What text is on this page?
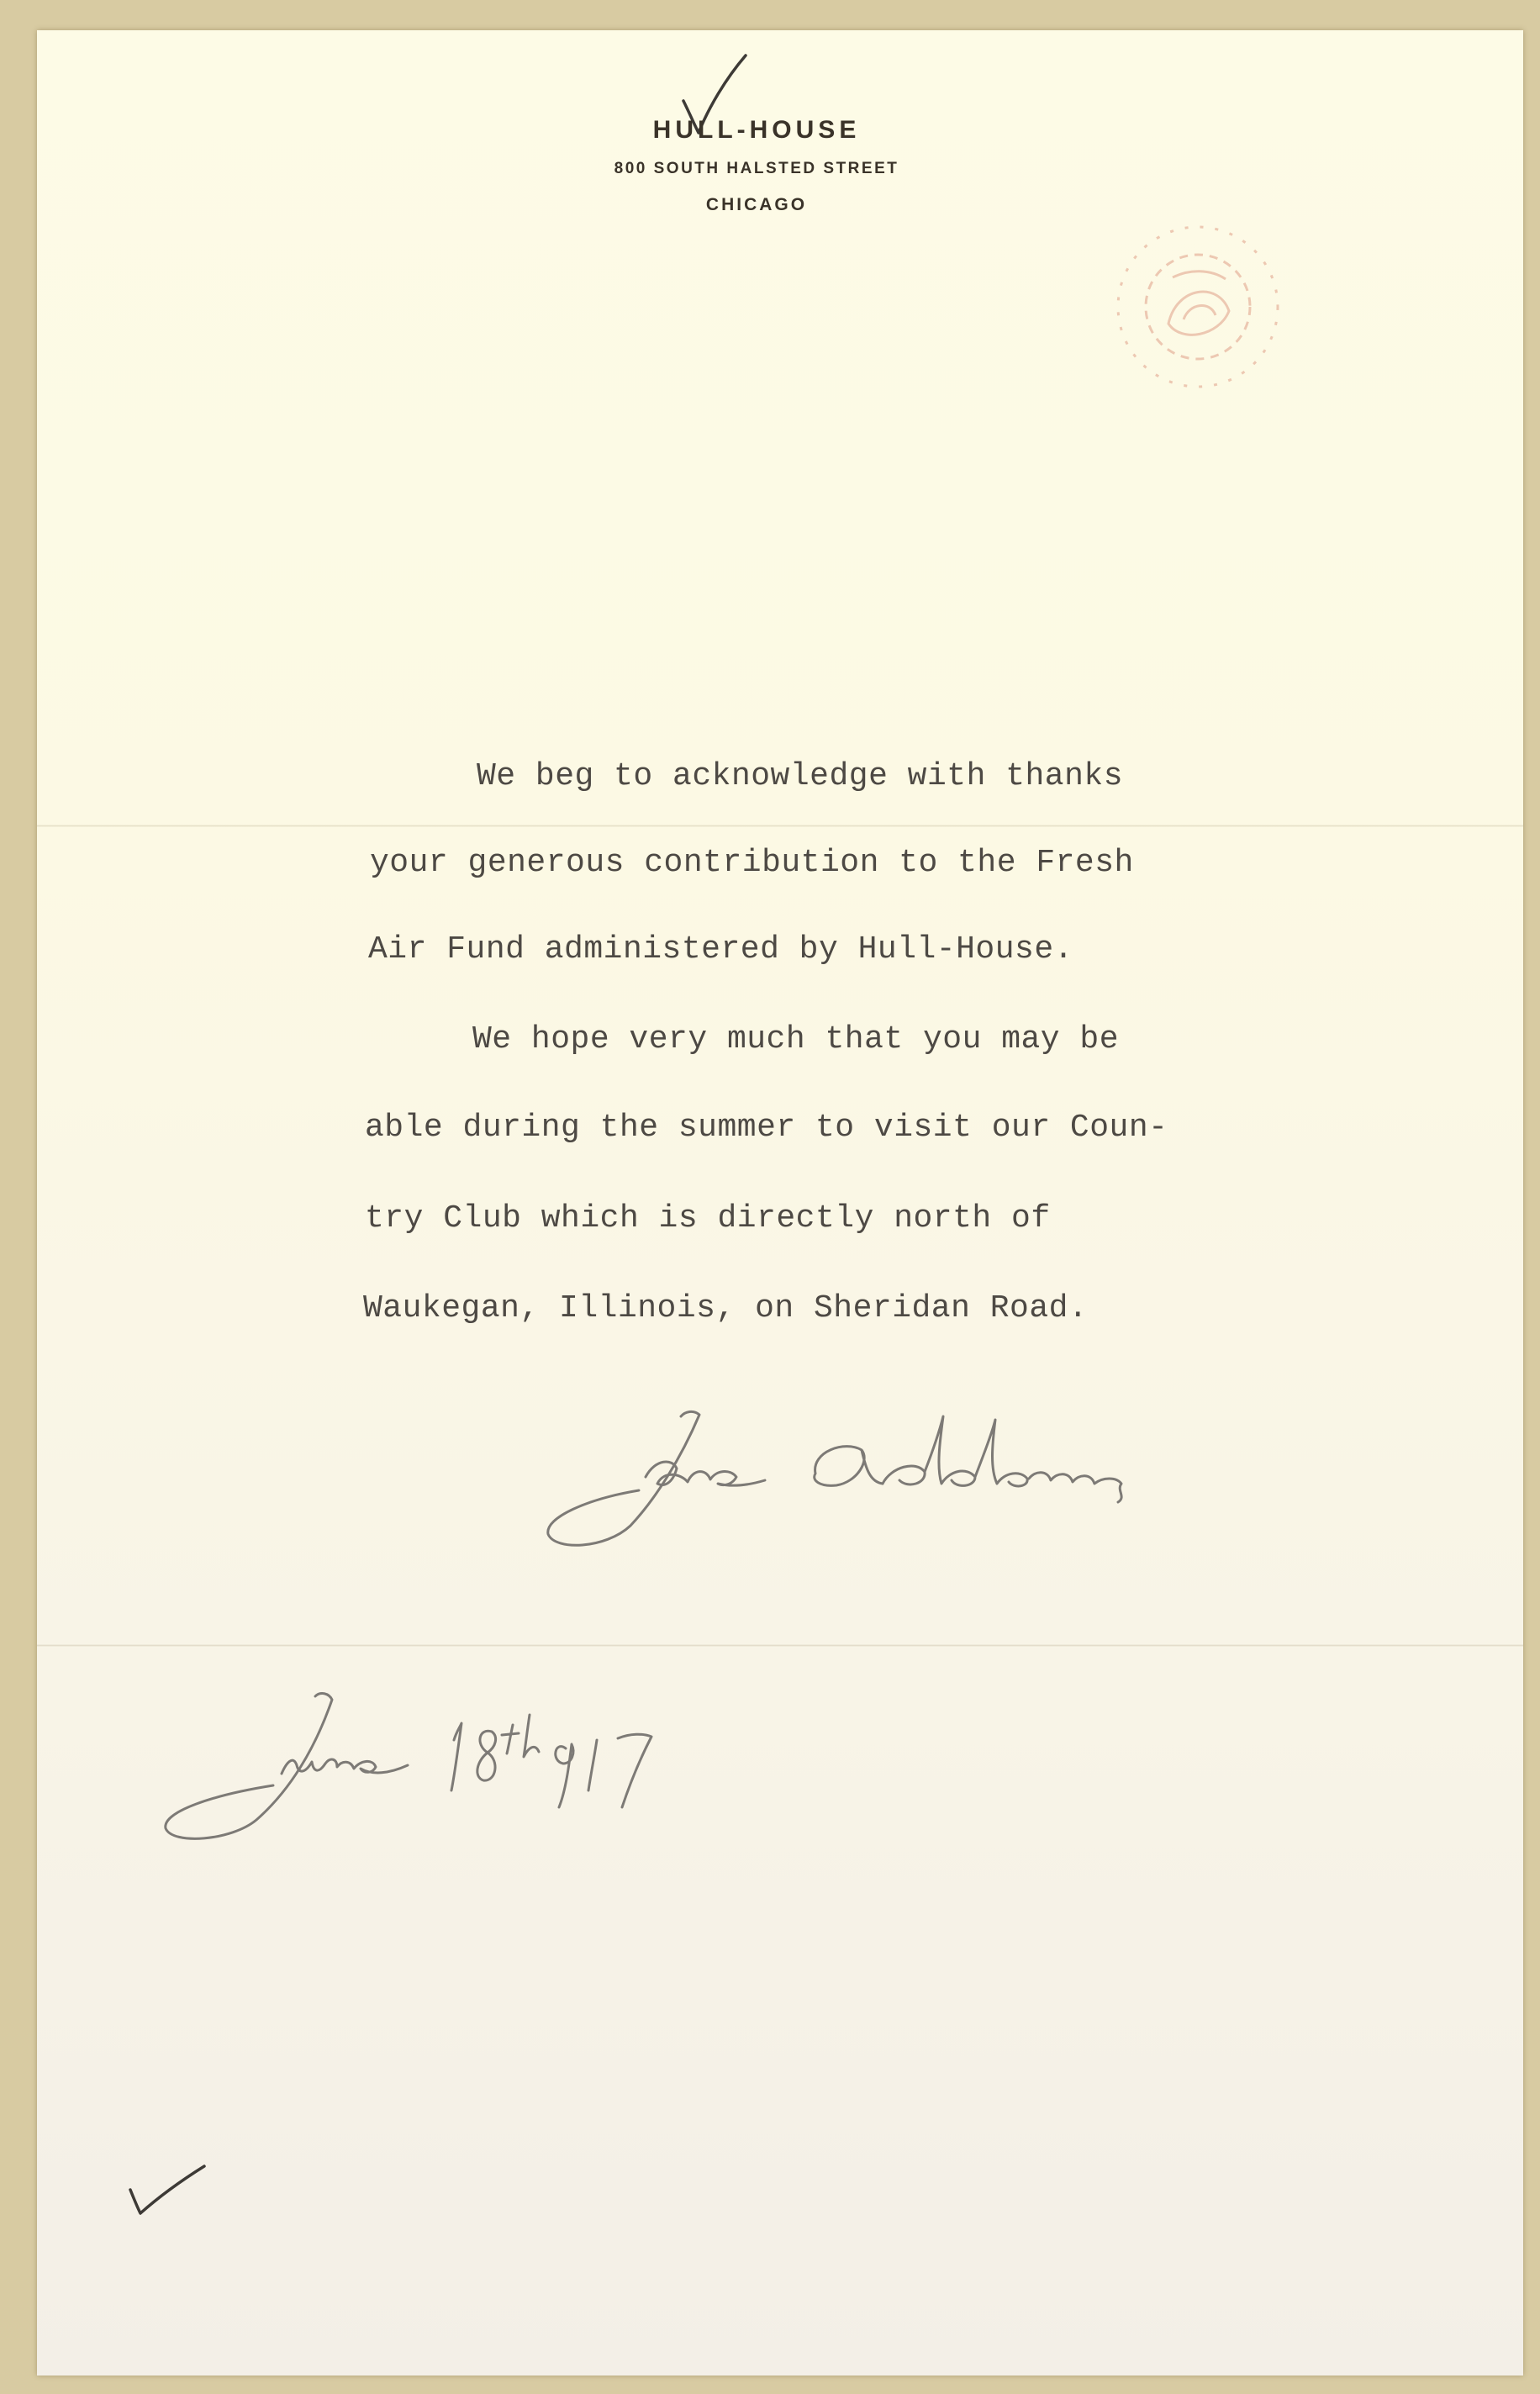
HULL-HOUSE
800 SOUTH HALSTED STREET
CHICAGO
We beg to acknowledge with thanks
your generous contribution to the Fresh
Air Fund administered by Hull-House.
We hope very much that you may be
able during the summer to visit our Coun-
try Club which is directly north of
Waukegan, Illinois, on Sheridan Road.
